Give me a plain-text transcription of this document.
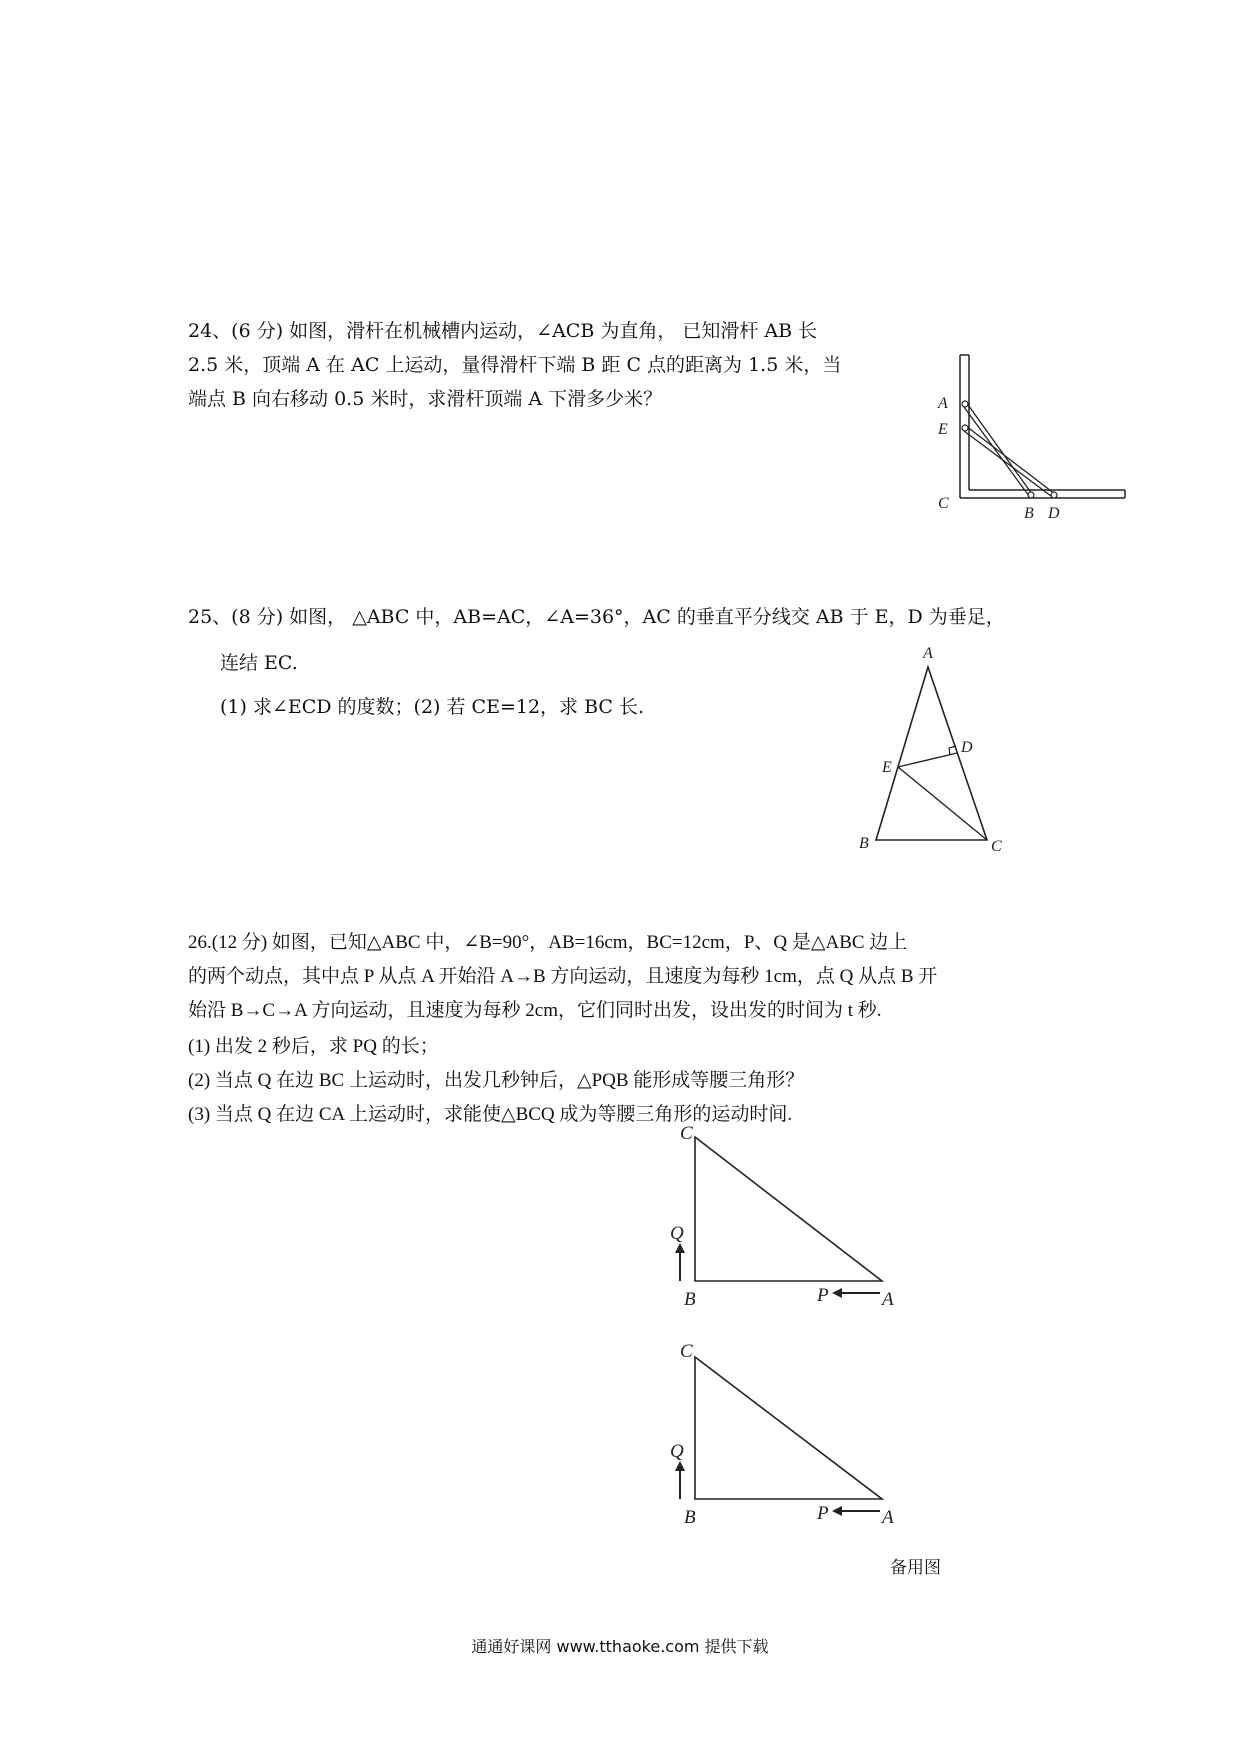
24、(6 分) 如图，滑杆在机械槽内运动，∠ACB 为直角， 已知滑杆 AB 长
2.5 米，顶端 A 在 AC 上运动，量得滑杆下端 B 距 C 点的距离为 1.5 米，当
端点 B 向右移动 0.5 米时，求滑杆顶端 A 下滑多少米？	A
E
C
B D
25、(8 分) 如图， △ABC 中，AB=AC，∠A=36°，AC 的垂直平分线交 AB 于 E，D 为垂足，
连结 EC.
(1) 求∠ECD 的度数；(2) 若 CE=12，求 BC 长.
A
D
E
B	C
26.(12 分) 如图，已知△ABC 中，∠B=90°，AB=16cm，BC=12cm，P、Q 是△ABC 边上
的两个动点，其中点 P 从点 A 开始沿 A→B 方向运动，且速度为每秒 1cm，点 Q 从点 B 开
始沿 B→C→A 方向运动，且速度为每秒 2cm，它们同时出发，设出发的时间为 t 秒.
(1) 出发 2 秒后，求 PQ 的长；
(2) 当点 Q 在边 BC 上运动时，出发几秒钟后，△PQB 能形成等腰三角形？
(3) 当点 Q 在边 CA 上运动时，求能使△BCQ 成为等腰三角形的运动时间.
C
Q
B	P	A
C
Q
B	P	A
备用图
通通好课网 www.tthaoke.com 提供下载
